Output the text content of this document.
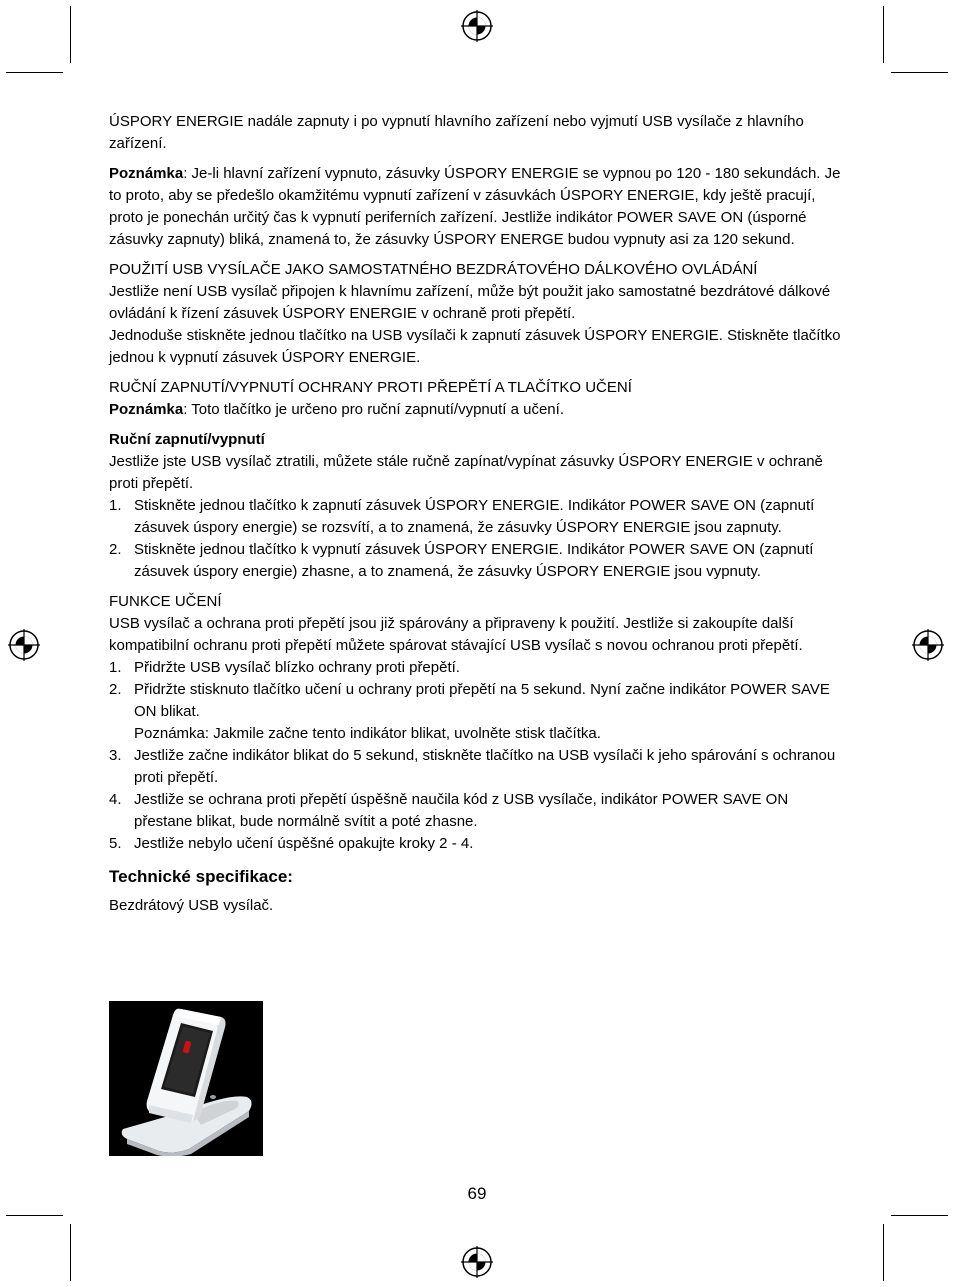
ÚSPORY ENERGIE nadále zapnuty i po vypnutí hlavního zařízení nebo vyjmutí USB vysílače z hlavního zařízení.

Poznámka: Je-li hlavní zařízení vypnuto, zásuvky ÚSPORY ENERGIE se vypnou po 120 - 180 sekundách. Je to proto, aby se předešlo okamžitému vypnutí zařízení v zásuvkách ÚSPORY ENERGIE, kdy ještě pracují, proto je ponechán určitý čas k vypnutí periferních zařízení. Jestliže indikátor POWER SAVE ON (úsporné zásuvky zapnuty) bliká, znamená to, že zásuvky ÚSPORY ENERGE budou vypnuty asi za 120 sekund.

POUŽITÍ USB VYSÍLAČE JAKO SAMOSTATNÉHO BEZDRÁTOVÉHO DÁLKOVÉHO OVLÁDÁNÍ

Jestliže není USB vysílač připojen k hlavnímu zařízení, může být použit jako samostatné bezdrátové dálkové ovládání k řízení zásuvek ÚSPORY ENERGIE v ochraně proti přepětí.

Jednoduše stiskněte jednou tlačítko na USB vysílači k zapnutí zásuvek ÚSPORY ENERGIE. Stiskněte tlačítko jednou k vypnutí zásuvek ÚSPORY ENERGIE.

RUČNÍ ZAPNUTÍ/VYPNUTÍ OCHRANY PROTI PŘEPĚTÍ A TLAČÍTKO UČENÍ

Poznámka: Toto tlačítko je určeno pro ruční zapnutí/vypnutí a učení.

Ruční zapnutí/vypnutí

Jestliže jste USB vysílač ztratili, můžete stále ručně zapínat/vypínat zásuvky ÚSPORY ENERGIE v ochraně proti přepětí.

1. Stiskněte jednou tlačítko k zapnutí zásuvek ÚSPORY ENERGIE. Indikátor POWER SAVE ON (zapnutí zásuvek úspory energie) se rozsvítí, a to znamená, že zásuvky ÚSPORY ENERGIE jsou zapnuty.
2. Stiskněte jednou tlačítko k vypnutí zásuvek ÚSPORY ENERGIE. Indikátor POWER SAVE ON (zapnutí zásuvek úspory energie) zhasne, a to znamená, že zásuvky ÚSPORY ENERGIE jsou vypnuty.

FUNKCE UČENÍ

USB vysílač a ochrana proti přepětí jsou již spárovány a připraveny k použití. Jestliže si zakoupíte další kompatibilní ochranu proti přepětí můžete spárovat stávající USB vysílač s novou ochranou proti přepětí.

1. Přidržte USB vysílač blízko ochrany proti přepětí.
2. Přidržte stisknuto tlačítko učení u ochrany proti přepětí na 5 sekund. Nyní začne indikátor POWER SAVE ON blikat.
Poznámka: Jakmile začne tento indikátor blikat, uvolněte stisk tlačítka.
3. Jestliže začne indikátor blikat do 5 sekund, stiskněte tlačítko na USB vysílači k jeho spárování s ochranou proti přepětí.
4. Jestliže se ochrana proti přepětí úspěšně naučila kód z USB vysílače, indikátor POWER SAVE ON přestane blikat, bude normálně svítit a poté zhasne.
5. Jestliže nebylo učení úspěšné opakujte kroky 2 - 4.

Technické specifikace:

Bezdrátový USB vysílač.

69
